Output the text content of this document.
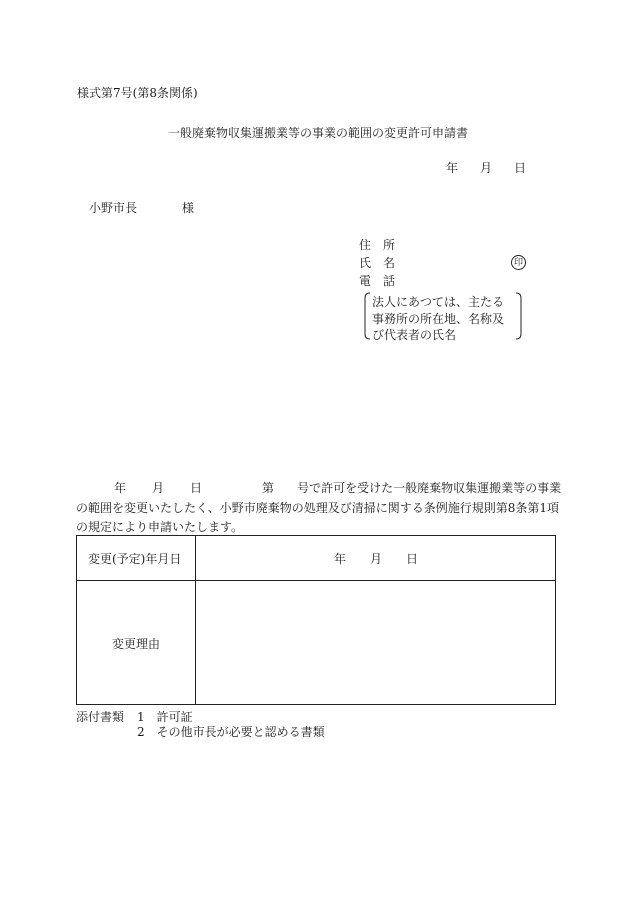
様式第7号(第8条関係)
一般廃棄物収集運搬業等の事業の範囲の変更許可申請書
年 月 日
小野市長	様
住　所
氏　名	印
電　話
法人にあつては、主たる
事務所の所在地、名称及
び代表者の氏名
年 月 日	第 号で許可を受けた一般廃棄物収集運搬業等の事業
の範囲を変更いたしたく、小野市廃棄物の処理及び清掃に関する条例施行規則第8条第1項
の規定により申請いたします。
変更(予定)年月日	年 月 日
変更理由
添付書類 1 許可証
2 その他市長が必要と認める書類
